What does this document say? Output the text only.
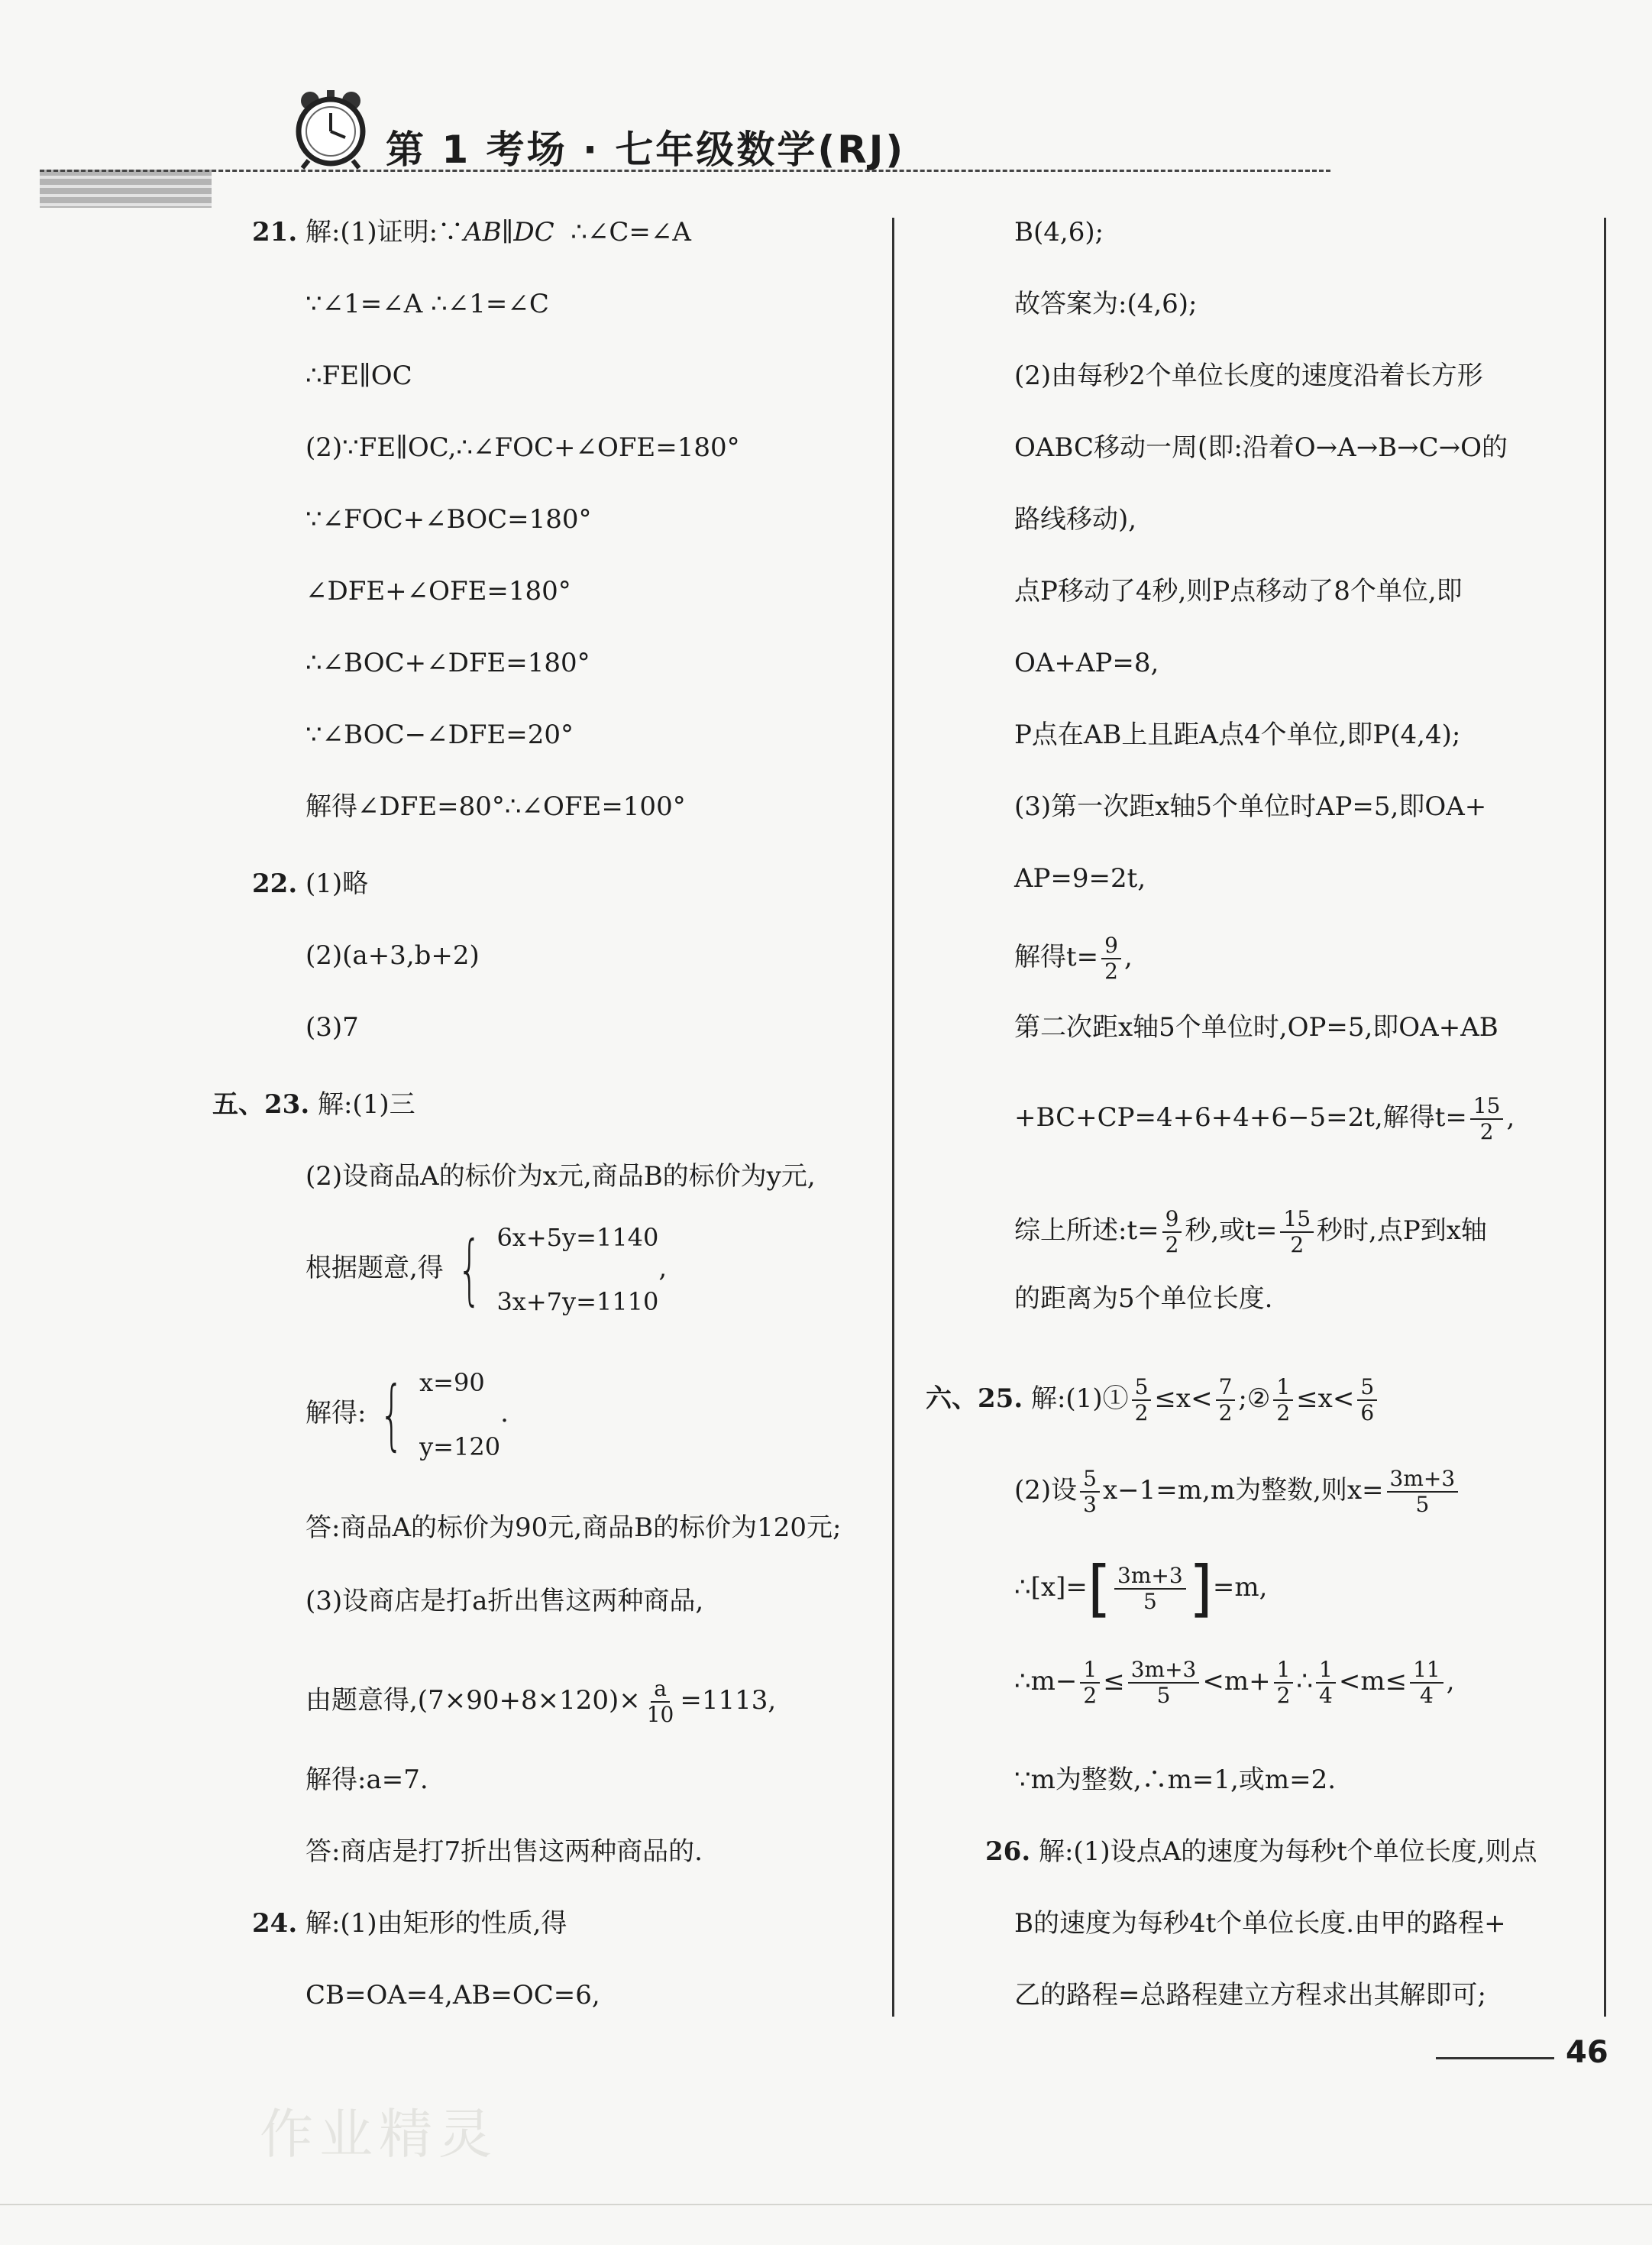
第 1 考场 · 七年级数学(RJ)
21. 解:(1)证明:∵AB∥DC ∴∠C=∠A
∵∠1=∠A ∴∠1=∠C
∴FE∥OC
(2)∵FE∥OC,∴∠FOC+∠OFE=180°
∵∠FOC+∠BOC=180°
∠DFE+∠OFE=180°
∴∠BOC+∠DFE=180°
∵∠BOC−∠DFE=20°
解得∠DFE=80°∴∠OFE=100°
22. (1)略
(2)(a+3,b+2)
(3)7
五、23. 解:(1)三
(2)设商品A的标价为x元,商品B的标价为y元,
根据题意,得 { 6x+5y=1140
3x+7y=1110
,
解得: { x=90
y=120
.
答:商品A的标价为90元,商品B的标价为120元;
(3)设商店是打a折出售这两种商品,
由题意得$,(7\times 90+8\times 120)\times \frac{a}{10} =1113$,
解得:a=7.
答:商店是打7折出售这两种商品的.
24. 解:(1)由矩形的性质,得
CB=OA=4,AB=OC=6,
B(4,6);
故答案为:(4,6);
(2)由每秒2个单位长度的速度沿着长方形
OABC移动一周(即:沿着O→A→B→C→O的
路线移动),
点P移动了4秒,则P点移动了8个单位,即
OA+AP=8,
P点在AB上且距A点4个单位,即P(4,4);
(3)第一次距x轴5个单位时AP=5,即OA+
AP=9=2t,
解得$t= \frac{9}{2}$ ,
第二次距x轴5个单位时,OP=5,即OA+AB
+BC+CP=4+6+4+6−5=2t,解得$t= \frac{15}{2}$ ,
综上所述:t= $\frac{9}{2}$ 秒,或$t= \frac{15}{2}$ 秒时,点P到x轴
的距离为5个单位长度.
六、25. 解:(1)① $\frac{5}{2} \le x< \frac{7}{2}$ ;② $\frac{1}{2} \le x< \frac{5}{6}$
(2)设 $\frac{5}{3} x-1=m,m$为整数,则$x= \frac{3m+3}{5}$
∴[x]=[ $\frac{3m+3}{5} ]=m$,
∴m− $\frac{1}{2} \le \frac{3m+3}{5} <m+ \frac{1}{2}$ ∴ $\frac{1}{4} <m\le \frac{11}{4}$ ,
∵m为整数,∴m=1,或m=2.
26. 解:(1)设点A的速度为每秒t个单位长度,则点
B的速度为每秒4t个单位长度.由甲的路程+
乙的路程=总路程建立方程求出其解即可;
作业精灵
46
